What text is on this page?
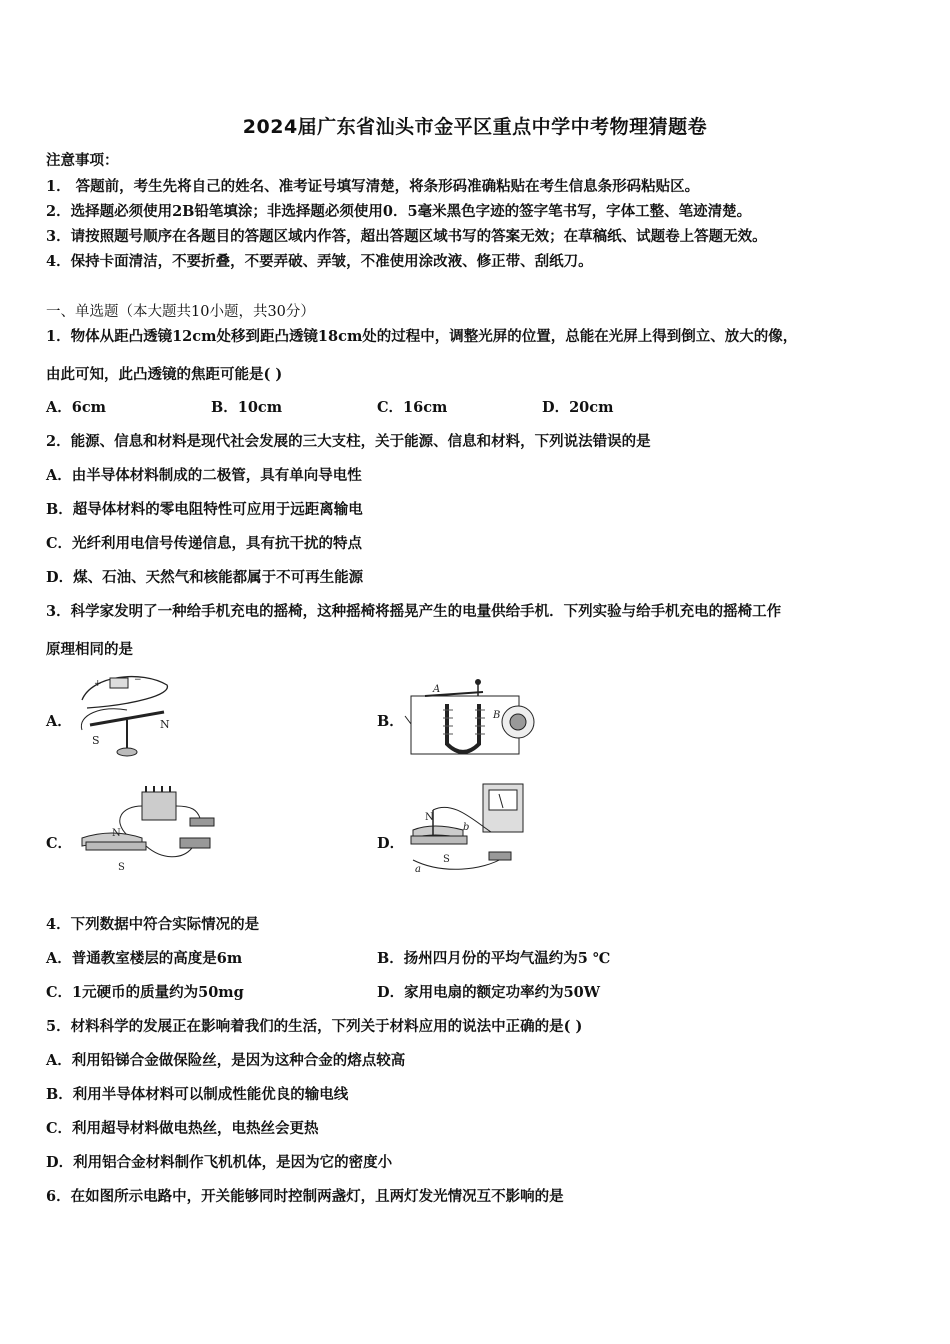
2024届广东省汕头市金平区重点中学中考物理猜题卷
注意事项：
1． 答题前，考生先将自己的姓名、准考证号填写清楚，将条形码准确粘贴在考生信息条形码粘贴区。
2．选择题必须使用2B铅笔填涂；非选择题必须使用0．5毫米黑色字迹的签字笔书写，字体工整、笔迹清楚。
3．请按照题号顺序在各题目的答题区域内作答，超出答题区域书写的答案无效；在草稿纸、试题卷上答题无效。
4．保持卡面清洁，不要折叠，不要弄破、弄皱，不准使用涂改液、修正带、刮纸刀。
一、单选题（本大题共10小题，共30分）
1．物体从距凸透镜12cm处移到距凸透镜18cm处的过程中，调整光屏的位置，总能在光屏上得到倒立、放大的像，
由此可知，此凸透镜的焦距可能是( )
A．6cm	B．10cm	C．16cm	D．20cm
2．能源、信息和材料是现代社会发展的三大支柱，关于能源、信息和材料，下列说法错误的是
A．由半导体材料制成的二极管，具有单向导电性
B．超导体材料的零电阻特性可应用于远距离输电
C．光纤利用电信号传递信息，具有抗干扰的特点
D．煤、石油、天然气和核能都属于不可再生能源
3．科学家发明了一种给手机充电的摇椅，这种摇椅将摇晃产生的电量供给手机．下列实验与给手机充电的摇椅工作
原理相同的是
A．
+	−
S
N	B．
A
B
C．
N
S
D．
N
S
a
b
4．下列数据中符合实际情况的是
A．普通教室楼层的高度是6m	B．扬州四月份的平均气温约为5 ℃
C．1元硬币的质量约为50mg	D．家用电扇的额定功率约为50W
5．材料科学的发展正在影响着我们的生活，下列关于材料应用的说法中正确的是( )
A．利用铅锑合金做保险丝，是因为这种合金的熔点较高
B．利用半导体材料可以制成性能优良的输电线
C．利用超导材料做电热丝，电热丝会更热
D．利用铝合金材料制作飞机机体，是因为它的密度小
6．在如图所示电路中，开关能够同时控制两盏灯，且两灯发光情况互不影响的是
